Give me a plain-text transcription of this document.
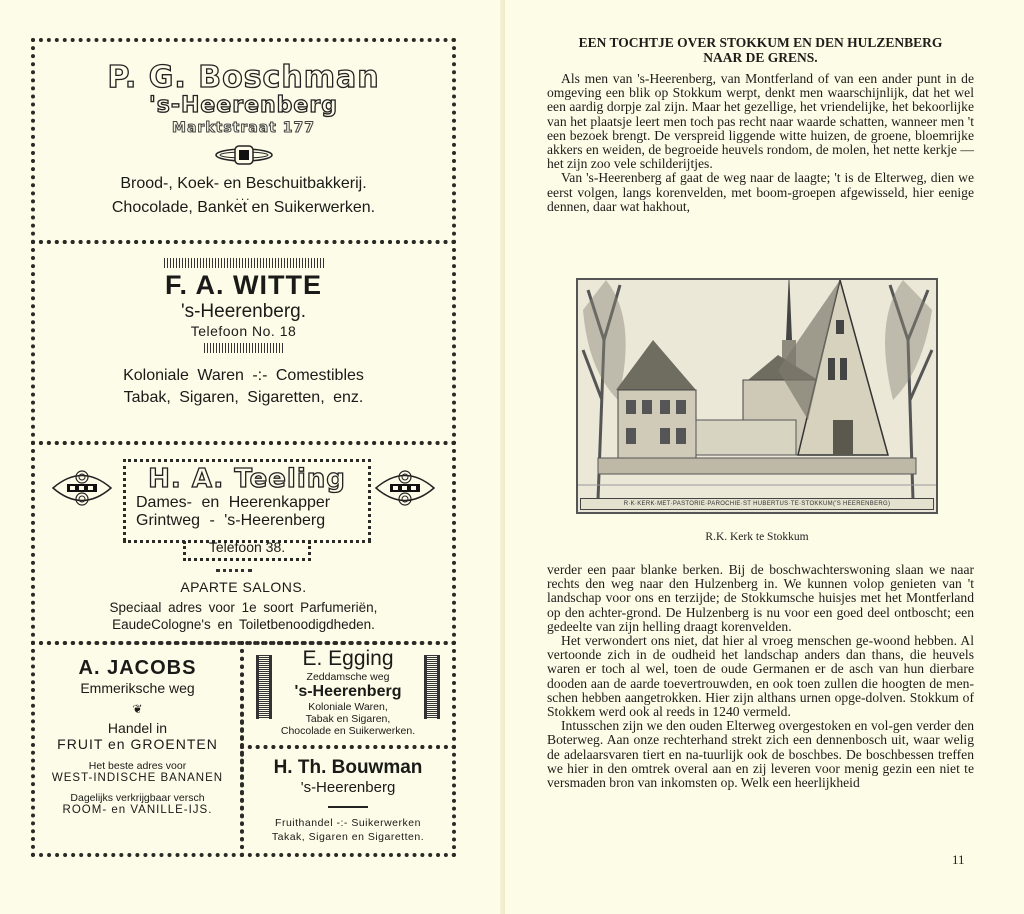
P. G. Boschman
's-Heerenberg
Marktstraat 177
Brood-, Koek- en Beschuitbakkerij.
...
Chocolade, Banket en Suikerwerken.
F. A. WITTE
's-Heerenberg.
Telefoon No. 18
Koloniale Waren -:- Comestibles
Tabak, Sigaren, Sigaretten, enz.
H. A. Teeling
Dames- en Heerenkapper
Grintweg - 's-Heerenberg
Telefoon 38.
APARTE SALONS.
Speciaal adres voor 1e soort Parfumeriën,
EaudeCologne's en Toiletbenoodigdheden.
A. JACOBS
Emmeriksche weg
❦
Handel in
FRUIT en GROENTEN
Het beste adres voor
WEST-INDISCHE BANANEN
Dagelijks verkrijgbaar versch
ROOM- en VANILLE-IJS.
E. Egging
Zeddamsche weg
's-Heerenberg
Koloniale Waren,
Tabak en Sigaren,
Chocolade en Suikerwerken.
H. Th. Bouwman
's-Heerenberg
Fruithandel -:- Suikerwerken
Takak, Sigaren en Sigaretten.
EEN TOCHTJE OVER STOKKUM EN DEN HULZENBERG
NAAR DE GRENS.

Als men van 's-Heerenberg, van Montferland of van een ander punt in de omgeving een blik op Stokkum werpt, denkt men waarschijnlijk, dat het wel een aardig dorpje zal zijn. Maar het gezellige, het vriendelijke, het bekoorlijke van het plaatsje leert men toch pas recht naar waarde schatten, wanneer men 't een bezoek brengt. De verspreid liggende witte huizen, de groene, bloemrijke akkers en weiden, de begroeide heuvels rondom, de molen, het nette kerkje — het zijn zoo vele schilderijtjes.

Van 's-Heerenberg af gaat de weg naar de laagte; 't is de Elterweg, dien we eerst volgen, langs korenvelden, met boom-groepen afgewisseld, hier eenige dennen, daar wat hakhout,

R·K·KERK·MET·PASTORIE·PAROCHIE·ST HUBERTUS·TE·STOKKUM('S HEERENBERG)
R.K. Kerk te Stokkum

verder een paar blanke berken. Bij de boschwachterswoning slaan we naar rechts den weg naar den Hulzenberg in. We kunnen volop genieten van 't landschap voor ons en terzijde; de Stokkumsche huisjes met het Montferland op den achter-grond. De Hulzenberg is nu voor een goed deel ontboscht; een gedeelte van zijn helling draagt korenvelden.

Het verwondert ons niet, dat hier al vroeg menschen ge-woond hebben. Al vertoonde zich in de oudheid het landschap anders dan thans, die heuvels waren er toch al wel, toen de oude Germanen er de asch van hun dierbare dooden aan de aarde toevertrouwden, en ook toen zullen die hoogten de men-schen hebben aangetrokken. Hier zijn althans urnen opge-dolven. Stokkum of Stokkem werd ook al reeds in 1240 vermeld.

Intusschen zijn we den ouden Elterweg overgestoken en vol-gen verder den Boterweg. Aan onze rechterhand strekt zich een dennenbosch uit, waar welig de adelaarsvaren tiert en na-tuurlijk ook de boschbes. De boschbessen treffen we hier in den omtrek overal aan en zij leveren voor menig gezin een niet te versmaden bron van inkomsten op. Welk een heerlijkheid

11
